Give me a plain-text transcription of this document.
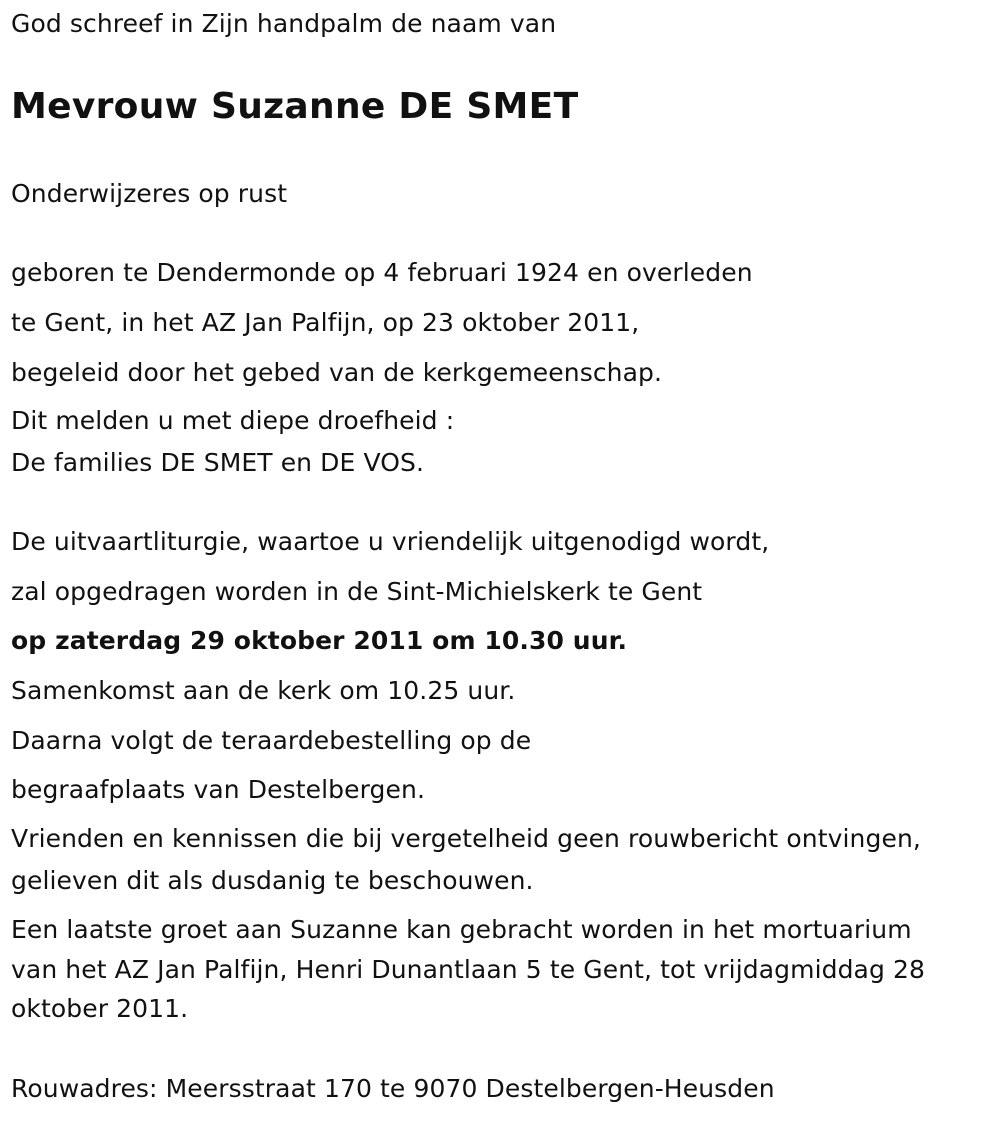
God schreef in Zijn handpalm de naam van
Mevrouw Suzanne DE SMET
Onderwijzeres op rust
geboren te Dendermonde op 4 februari 1924 en overleden
te Gent, in het AZ Jan Palfijn, op 23 oktober 2011,
begeleid door het gebed van de kerkgemeenschap.
Dit melden u met diepe droefheid :
De families DE SMET en DE VOS.
De uitvaartliturgie, waartoe u vriendelijk uitgenodigd wordt,
zal opgedragen worden in de Sint-Michielskerk te Gent
op zaterdag 29 oktober 2011 om 10.30 uur.
Samenkomst aan de kerk om 10.25 uur.
Daarna volgt de teraardebestelling op de
begraafplaats van Destelbergen.
Vrienden en kennissen die bij vergetelheid geen rouwbericht ontvingen,
gelieven dit als dusdanig te beschouwen.
Een laatste groet aan Suzanne kan gebracht worden in het mortuarium
van het AZ Jan Palfijn, Henri Dunantlaan 5 te Gent, tot vrijdagmiddag 28
oktober 2011.
Rouwadres: Meersstraat 170 te 9070 Destelbergen-Heusden
